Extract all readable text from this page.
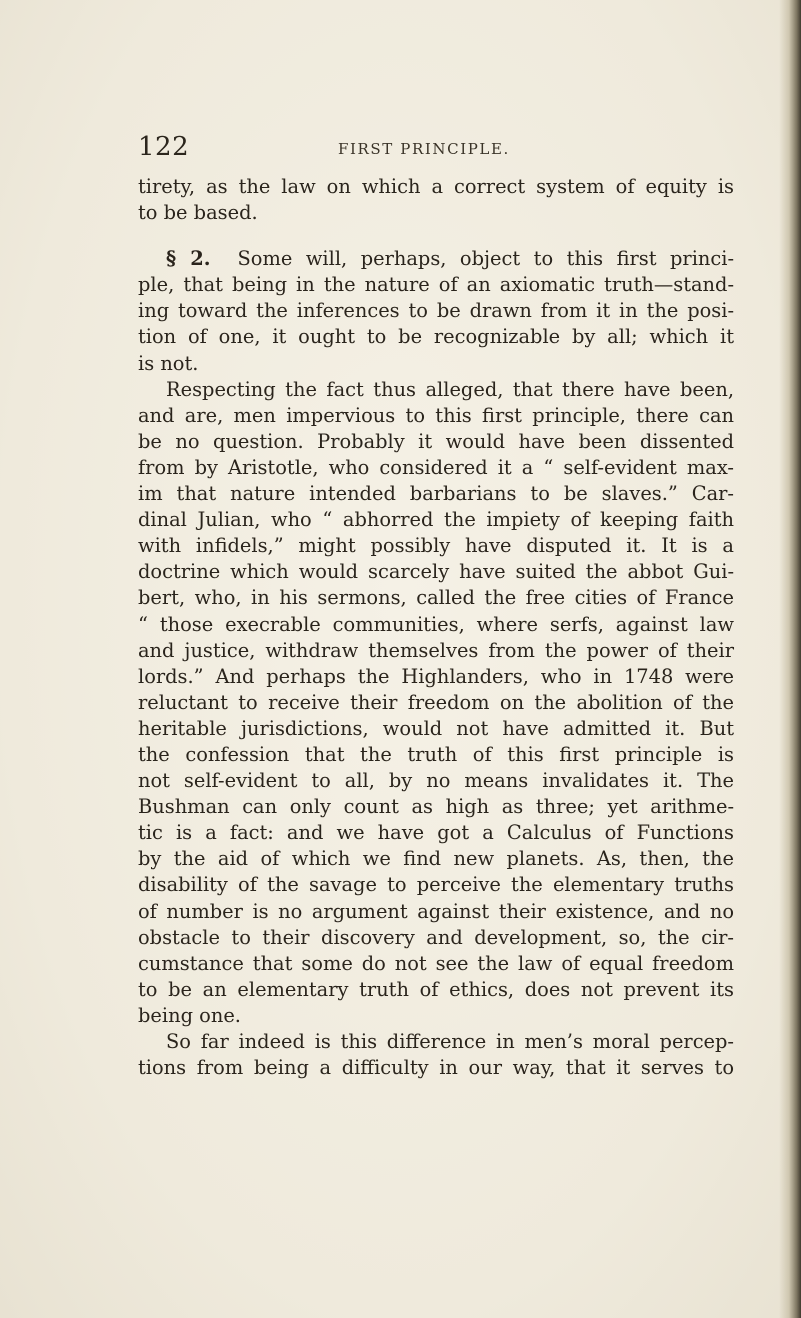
122	FIRST PRINCIPLE.

tirety, as the law on which a correct system of equity is
to be based.

§ 2. Some will, perhaps, object to this first princi-
ple, that being in the nature of an axiomatic truth—stand-
ing toward the inferences to be drawn from it in the posi-
tion of one, it ought to be recognizable by all; which it
is not.

Respecting the fact thus alleged, that there have been,
and are, men impervious to this first principle, there can
be no question. Probably it would have been dissented
from by Aristotle, who considered it a “ self-evident max-
im that nature intended barbarians to be slaves.” Car-
dinal Julian, who “ abhorred the impiety of keeping faith
with infidels,” might possibly have disputed it. It is a
doctrine which would scarcely have suited the abbot Gui-
bert, who, in his sermons, called the free cities of France
“ those execrable communities, where serfs, against law
and justice, withdraw themselves from the power of their
lords.” And perhaps the Highlanders, who in 1748 were
reluctant to receive their freedom on the abolition of the
heritable jurisdictions, would not have admitted it. But
the confession that the truth of this first principle is
not self-evident to all, by no means invalidates it. The
Bushman can only count as high as three; yet arithme-
tic is a fact: and we have got a Calculus of Functions
by the aid of which we find new planets. As, then, the
disability of the savage to perceive the elementary truths
of number is no argument against their existence, and no
obstacle to their discovery and development, so, the cir-
cumstance that some do not see the law of equal freedom
to be an elementary truth of ethics, does not prevent its
being one.

So far indeed is this difference in men’s moral percep-
tions from being a difficulty in our way, that it serves to
